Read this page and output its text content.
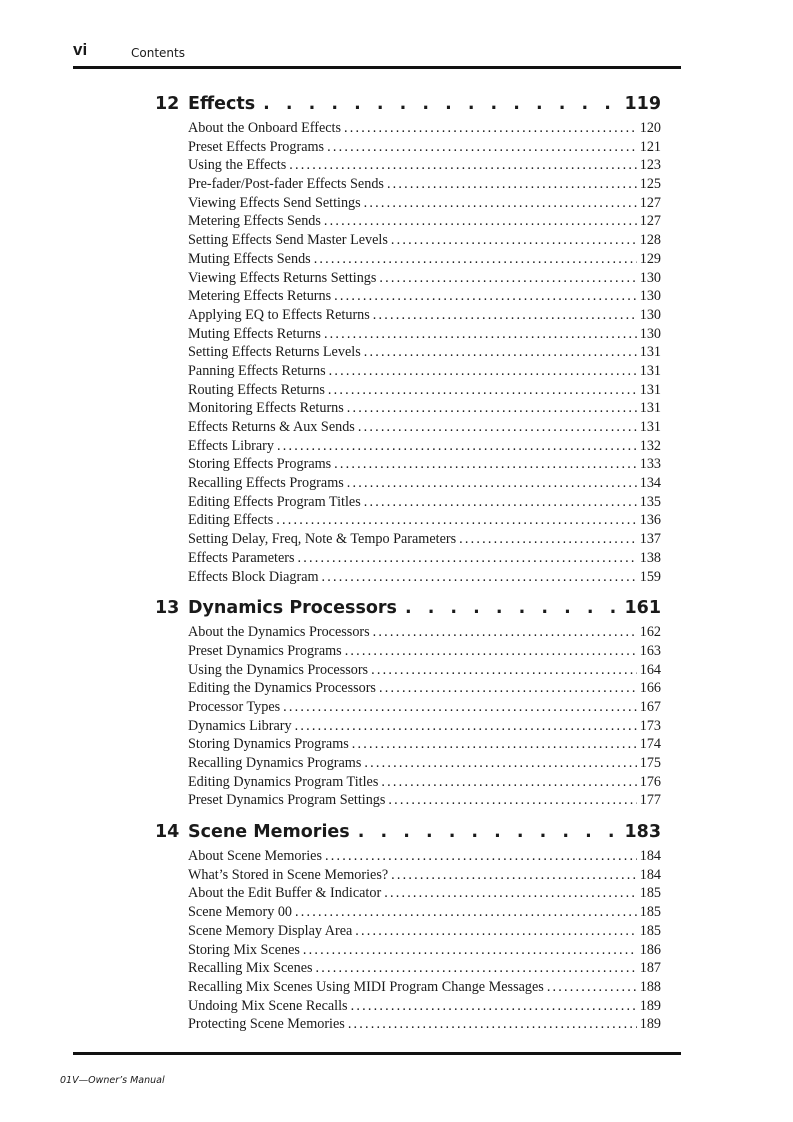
vi	Contents
12 Effects . . .	119
About the Onboard Effects .....	120
Preset Effects Programs .....	121
Using the Effects .....	123
Pre-fader/Post-fader Effects Sends .....	125
Viewing Effects Send Settings .....	127
Metering Effects Sends .....	127
Setting Effects Send Master Levels .....	128
Muting Effects Sends .....	129
Viewing Effects Returns Settings .....	130
Metering Effects Returns .....	130
Applying EQ to Effects Returns .....	130
Muting Effects Returns .....	130
Setting Effects Returns Levels .....	131
Panning Effects Returns .....	131
Routing Effects Returns .....	131
Monitoring Effects Returns .....	131
Effects Returns & Aux Sends .....	131
Effects Library .....	132
Storing Effects Programs .....	133
Recalling Effects Programs .....	134
Editing Effects Program Titles .....	135
Editing Effects .....	136
Setting Delay, Freq, Note & Tempo Parameters .....	137
Effects Parameters .....	138
Effects Block Diagram .....	159
13 Dynamics Processors . . .	161
About the Dynamics Processors .....	162
Preset Dynamics Programs .....	163
Using the Dynamics Processors .....	164
Editing the Dynamics Processors .....	166
Processor Types .....	167
Dynamics Library .....	173
Storing Dynamics Programs .....	174
Recalling Dynamics Programs .....	175
Editing Dynamics Program Titles .....	176
Preset Dynamics Program Settings .....	177
14 Scene Memories . . .	183
About Scene Memories .....	184
What’s Stored in Scene Memories? .....	184
About the Edit Buffer & Indicator .....	185
Scene Memory 00 .....	185
Scene Memory Display Area .....	185
Storing Mix Scenes .....	186
Recalling Mix Scenes .....	187
Recalling Mix Scenes Using MIDI Program Change Messages .....	188
Undoing Mix Scene Recalls .....	189
Protecting Scene Memories .....	189
01V—Owner’s Manual
